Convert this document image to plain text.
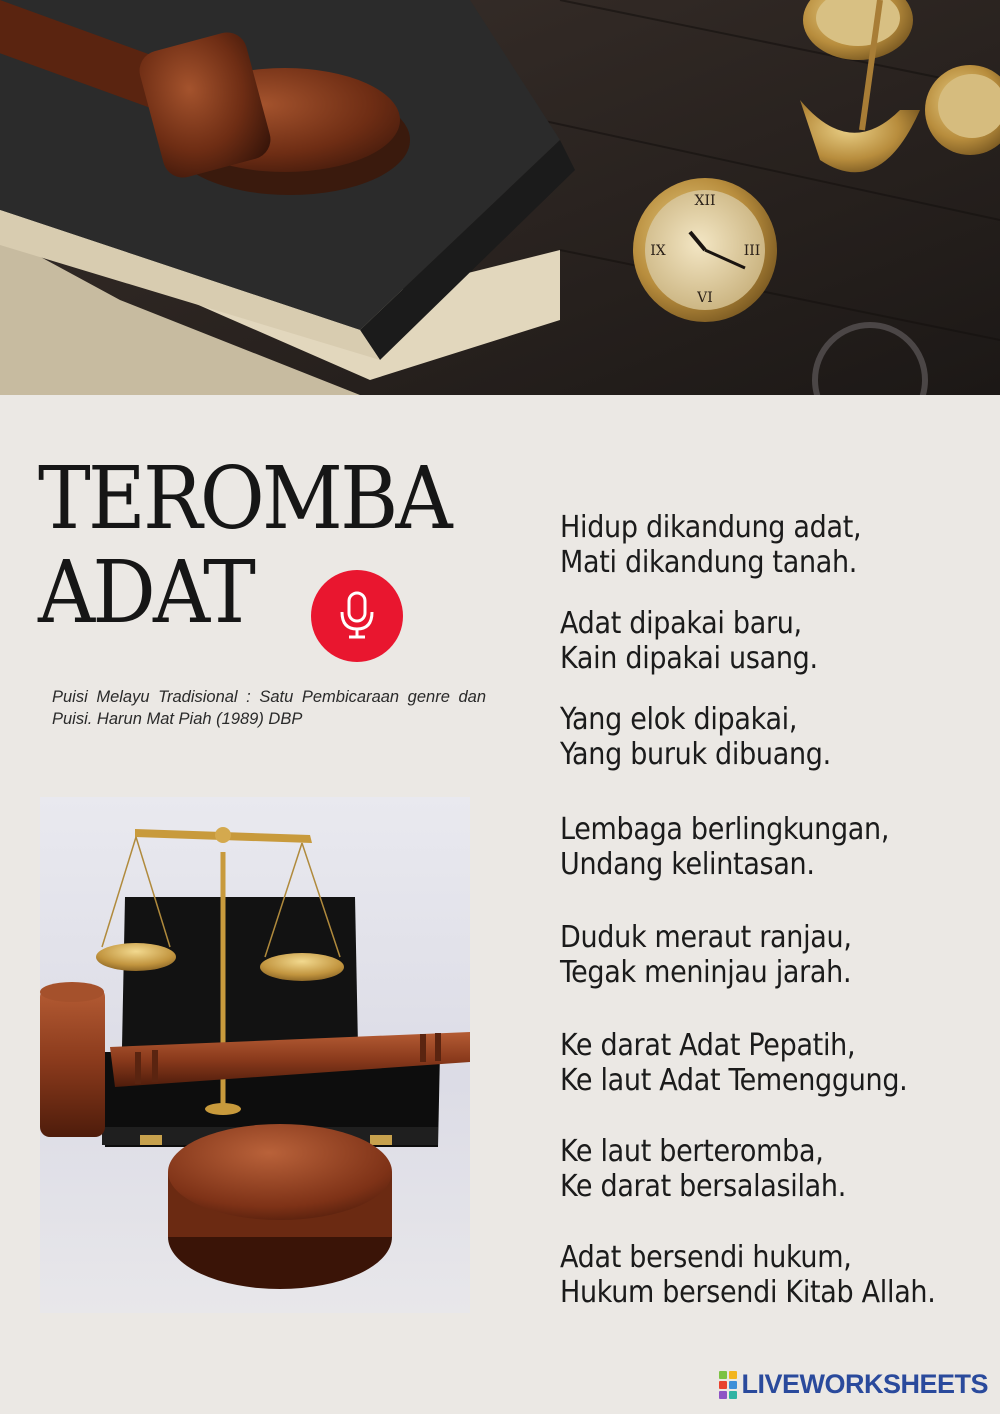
XII
III
VI
IX
TEROMBA
ADAT

Puisi Melayu Tradisional : Satu Pembicaraan genre dan Puisi. Harun Mat Piah (1989) DBP

Hidup dikandung adat,
Mati dikandung tanah.
Adat dipakai baru,
Kain dipakai usang.
Yang elok dipakai,
Yang buruk dibuang.
Lembaga berlingkungan,
Undang kelintasan.
Duduk meraut ranjau,
Tegak meninjau jarah.
Ke darat Adat Pepatih,
Ke laut Adat Temenggung.
Ke laut berteromba,
Ke darat bersalasilah.
Adat bersendi hukum,
Hukum bersendi Kitab Allah.
LIVEWORKSHEETS
